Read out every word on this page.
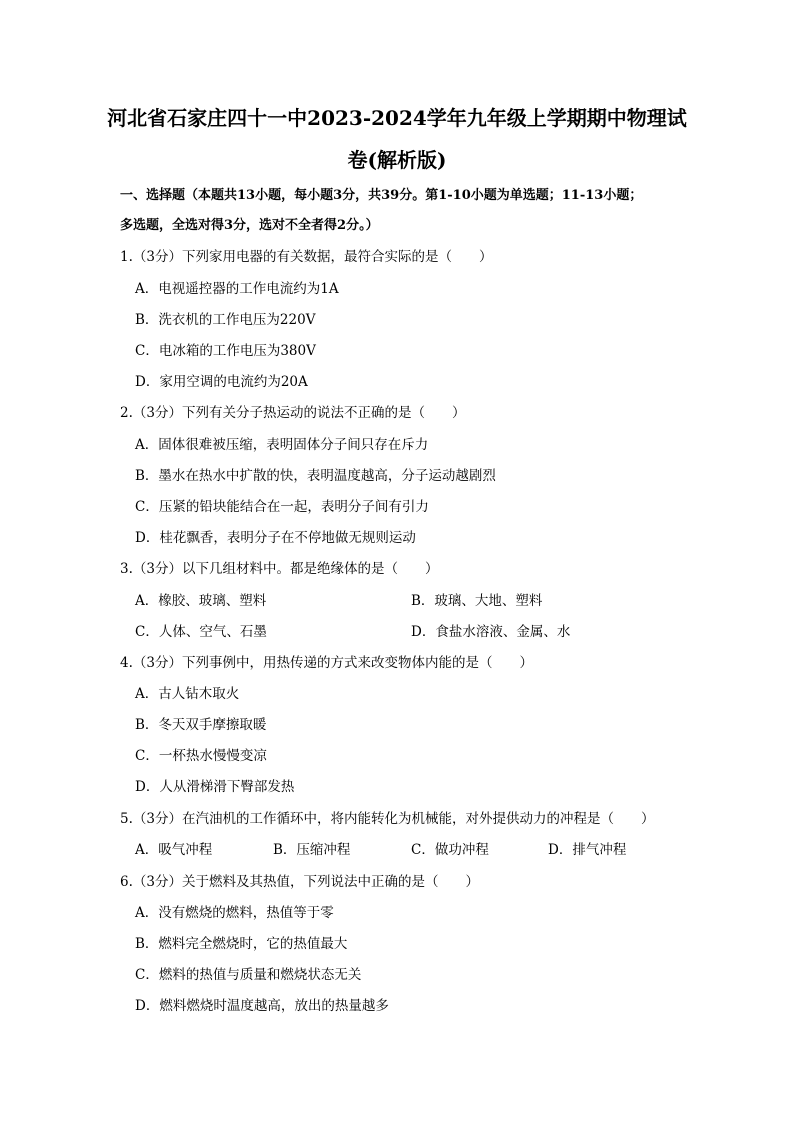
河北省石家庄四十一中2023-2024学年九年级上学期期中物理试
卷(解析版)
一、选择题（本题共13小题，每小题3分，共39分。第1-10小题为单选题；11-13小题；
多选题，全选对得3分，选对不全者得2分。）
1.（3分）下列家用电器的有关数据，最符合实际的是（　　）
A．电视遥控器的工作电流约为1A
B．洗衣机的工作电压为220V
C．电冰箱的工作电压为380V
D．家用空调的电流约为20A
2.（3分）下列有关分子热运动的说法不正确的是（　　）
A．固体很难被压缩，表明固体分子间只存在斥力
B．墨水在热水中扩散的快，表明温度越高，分子运动越剧烈
C．压紧的铅块能结合在一起，表明分子间有引力
D．桂花飘香，表明分子在不停地做无规则运动
3.（3分）以下几组材料中。都是绝缘体的是（　　）
A．橡胶、玻璃、塑料	B．玻璃、大地、塑料
C．人体、空气、石墨	D．食盐水溶液、金属、水
4.（3分）下列事例中，用热传递的方式来改变物体内能的是（　　）
A．古人钻木取火
B．冬天双手摩擦取暖
C．一杯热水慢慢变凉
D．人从滑梯滑下臀部发热
5.（3分）在汽油机的工作循环中，将内能转化为机械能，对外提供动力的冲程是（　　）
A．吸气冲程	B．压缩冲程	C．做功冲程	D．排气冲程
6.（3分）关于燃料及其热值，下列说法中正确的是（　　）
A．没有燃烧的燃料，热值等于零
B．燃料完全燃烧时，它的热值最大
C．燃料的热值与质量和燃烧状态无关
D．燃料燃烧时温度越高，放出的热量越多
